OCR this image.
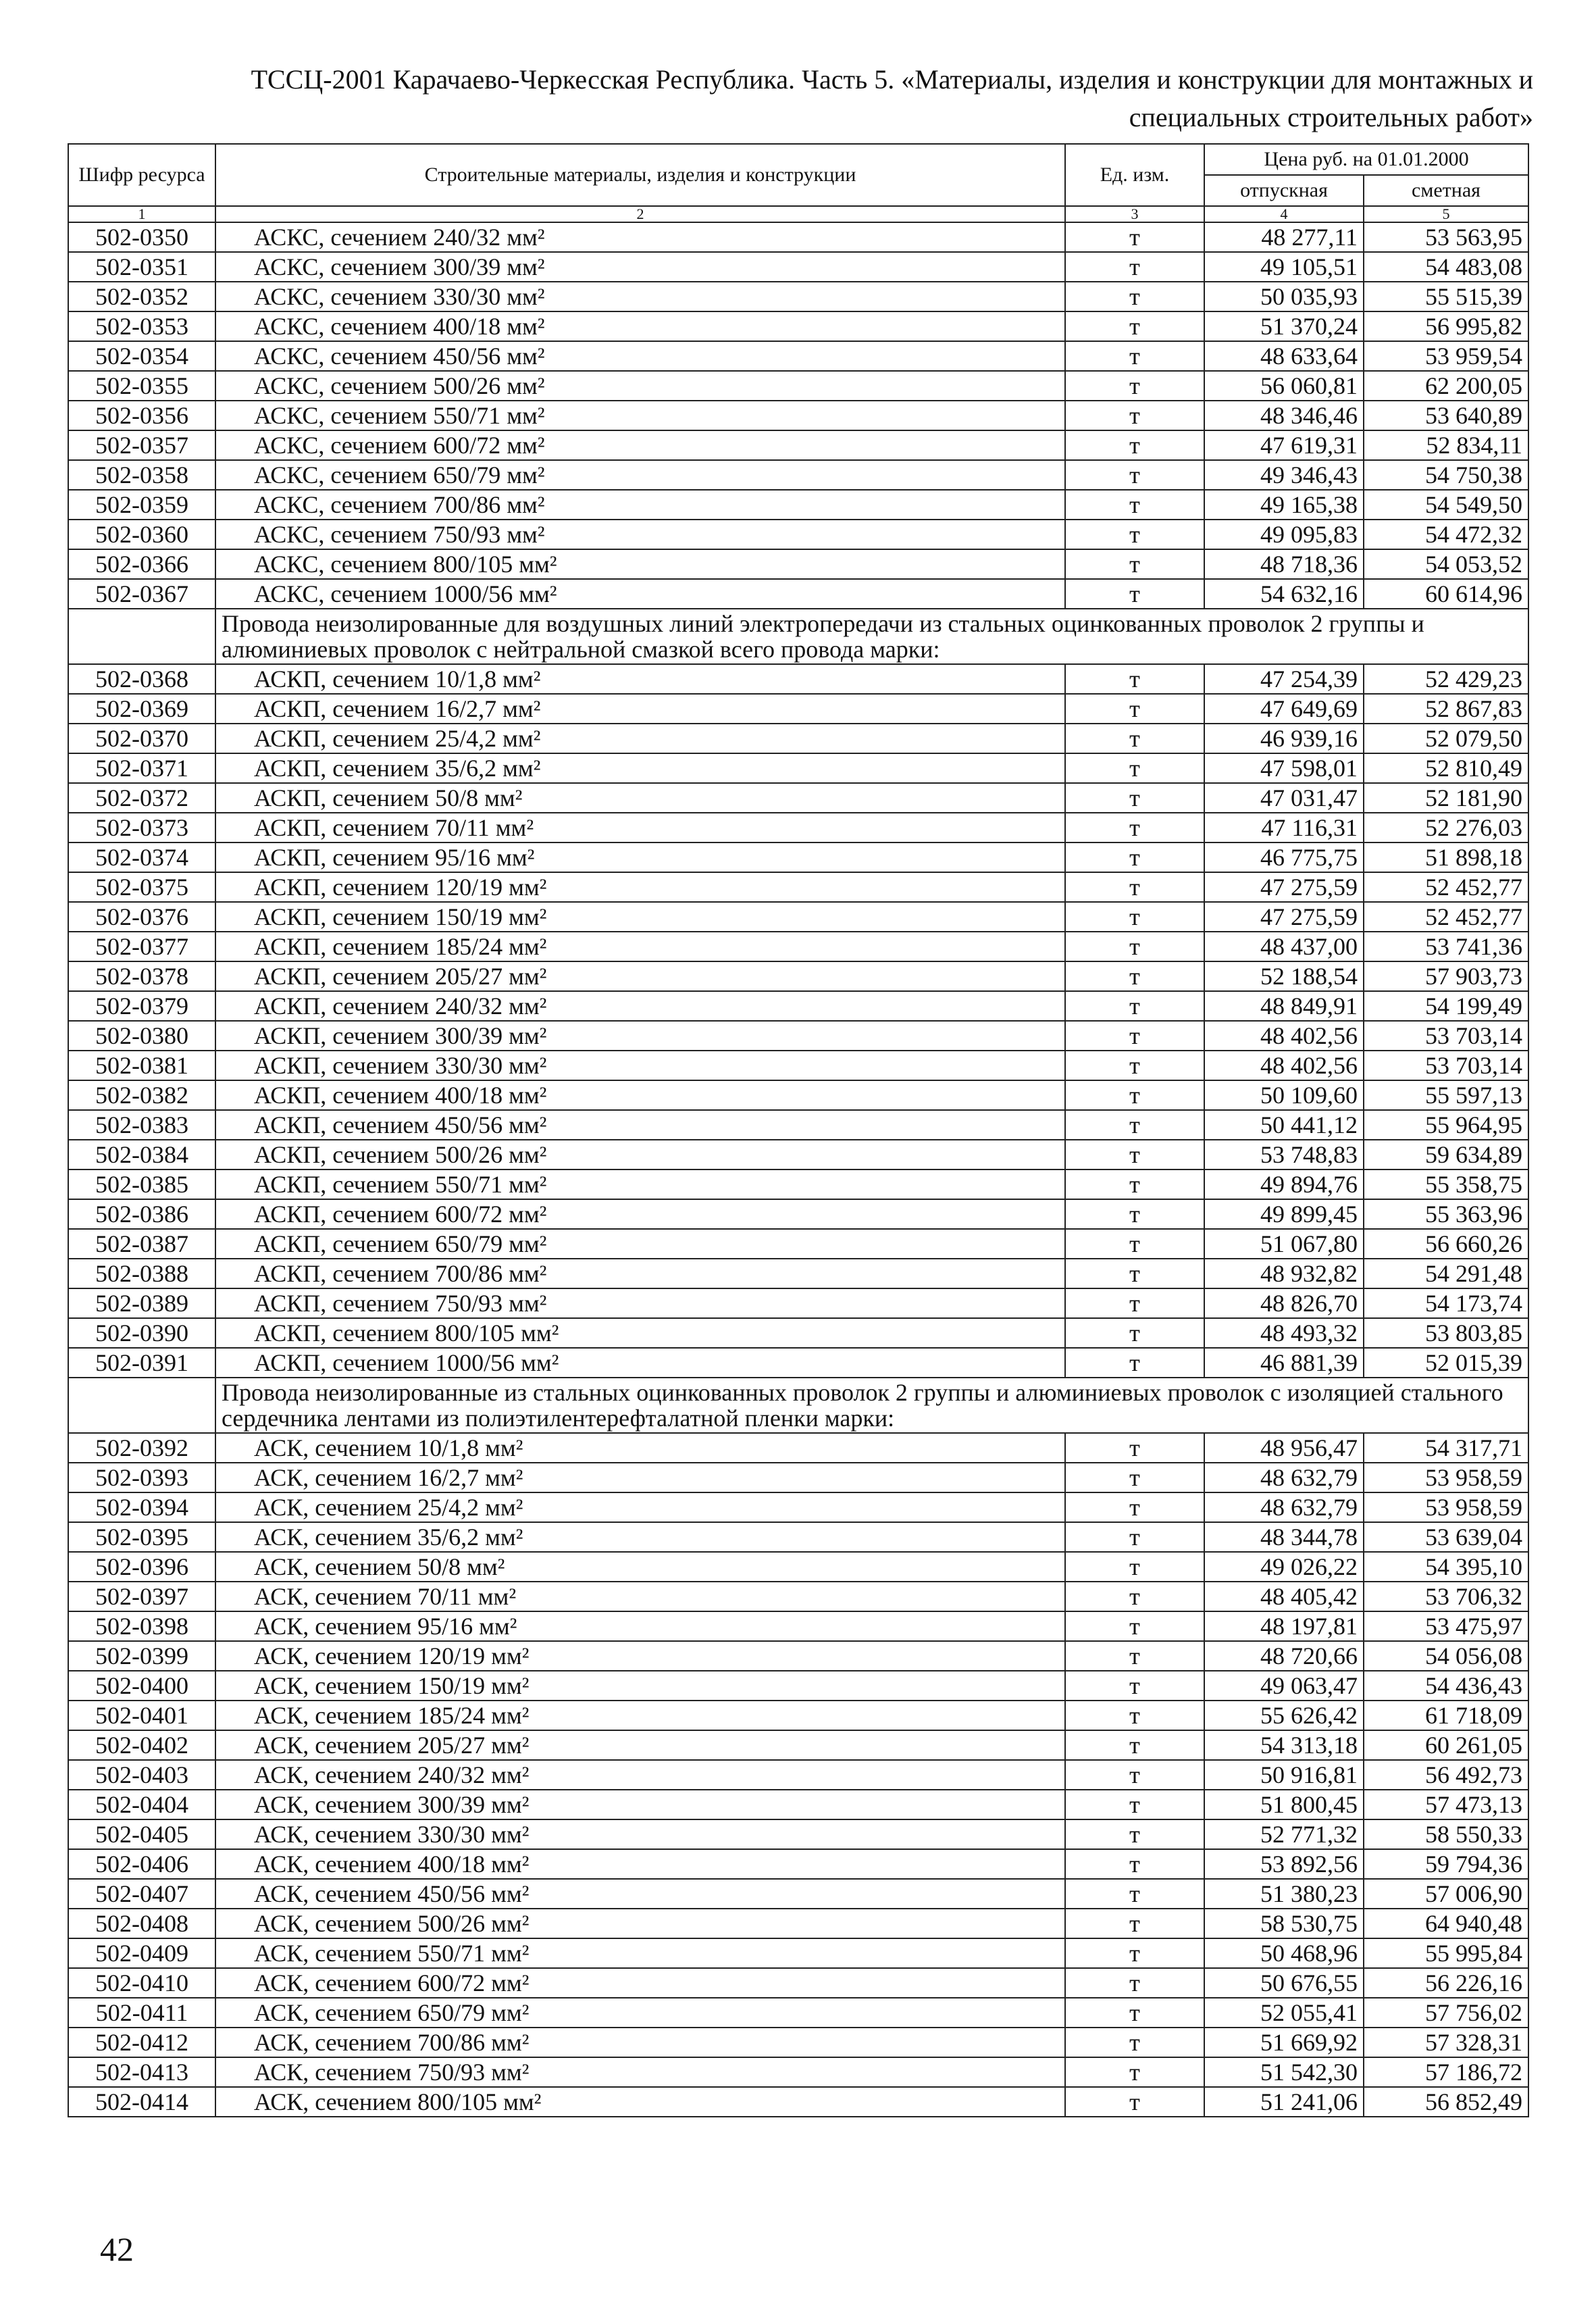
ТССЦ-2001 Карачаево-Черкесская Республика. Часть 5. «Материалы, изделия и конструкции для монтажных и
специальных строительных работ»
Шифр ресурса	Строительные материалы, изделия и конструкции	Ед. изм.	Цена руб. на 01.01.2000	
			отпускная	сметная
1	2	3	4	5
502-0350	АСКС, сечением 240/32 мм²	т	48 277,11	53 563,95
502-0351	АСКС, сечением 300/39 мм²	т	49 105,51	54 483,08
502-0352	АСКС, сечением 330/30 мм²	т	50 035,93	55 515,39
502-0353	АСКС, сечением 400/18 мм²	т	51 370,24	56 995,82
502-0354	АСКС, сечением 450/56 мм²	т	48 633,64	53 959,54
502-0355	АСКС, сечением 500/26 мм²	т	56 060,81	62 200,05
502-0356	АСКС, сечением 550/71 мм²	т	48 346,46	53 640,89
502-0357	АСКС, сечением 600/72 мм²	т	47 619,31	52 834,11
502-0358	АСКС, сечением 650/79 мм²	т	49 346,43	54 750,38
502-0359	АСКС, сечением 700/86 мм²	т	49 165,38	54 549,50
502-0360	АСКС, сечением 750/93 мм²	т	49 095,83	54 472,32
502-0366	АСКС, сечением 800/105 мм²	т	48 718,36	54 053,52
502-0367	АСКС, сечением 1000/56 мм²	т	54 632,16	60 614,96
	Провода неизолированные для воздушных линий электропередачи из стальных оцинкованных проволок 2 группы и алюминиевых проволок с нейтральной смазкой всего провода марки:			
502-0368	АСКП, сечением 10/1,8 мм²	т	47 254,39	52 429,23
502-0369	АСКП, сечением 16/2,7 мм²	т	47 649,69	52 867,83
502-0370	АСКП, сечением 25/4,2 мм²	т	46 939,16	52 079,50
502-0371	АСКП, сечением 35/6,2 мм²	т	47 598,01	52 810,49
502-0372	АСКП, сечением 50/8 мм²	т	47 031,47	52 181,90
502-0373	АСКП, сечением 70/11 мм²	т	47 116,31	52 276,03
502-0374	АСКП, сечением 95/16 мм²	т	46 775,75	51 898,18
502-0375	АСКП, сечением 120/19 мм²	т	47 275,59	52 452,77
502-0376	АСКП, сечением 150/19 мм²	т	47 275,59	52 452,77
502-0377	АСКП, сечением 185/24 мм²	т	48 437,00	53 741,36
502-0378	АСКП, сечением 205/27 мм²	т	52 188,54	57 903,73
502-0379	АСКП, сечением 240/32 мм²	т	48 849,91	54 199,49
502-0380	АСКП, сечением 300/39 мм²	т	48 402,56	53 703,14
502-0381	АСКП, сечением 330/30 мм²	т	48 402,56	53 703,14
502-0382	АСКП, сечением 400/18 мм²	т	50 109,60	55 597,13
502-0383	АСКП, сечением 450/56 мм²	т	50 441,12	55 964,95
502-0384	АСКП, сечением 500/26 мм²	т	53 748,83	59 634,89
502-0385	АСКП, сечением 550/71 мм²	т	49 894,76	55 358,75
502-0386	АСКП, сечением 600/72 мм²	т	49 899,45	55 363,96
502-0387	АСКП, сечением 650/79 мм²	т	51 067,80	56 660,26
502-0388	АСКП, сечением 700/86 мм²	т	48 932,82	54 291,48
502-0389	АСКП, сечением 750/93 мм²	т	48 826,70	54 173,74
502-0390	АСКП, сечением 800/105 мм²	т	48 493,32	53 803,85
502-0391	АСКП, сечением 1000/56 мм²	т	46 881,39	52 015,39
	Провода неизолированные из стальных оцинкованных проволок 2 группы и алюминиевых проволок с изоляцией стального сердечника лентами из полиэтилентерефталатной пленки марки:			
502-0392	АСК, сечением 10/1,8 мм²	т	48 956,47	54 317,71
502-0393	АСК, сечением 16/2,7 мм²	т	48 632,79	53 958,59
502-0394	АСК, сечением 25/4,2 мм²	т	48 632,79	53 958,59
502-0395	АСК, сечением 35/6,2 мм²	т	48 344,78	53 639,04
502-0396	АСК, сечением 50/8 мм²	т	49 026,22	54 395,10
502-0397	АСК, сечением 70/11 мм²	т	48 405,42	53 706,32
502-0398	АСК, сечением 95/16 мм²	т	48 197,81	53 475,97
502-0399	АСК, сечением 120/19 мм²	т	48 720,66	54 056,08
502-0400	АСК, сечением 150/19 мм²	т	49 063,47	54 436,43
502-0401	АСК, сечением 185/24 мм²	т	55 626,42	61 718,09
502-0402	АСК, сечением 205/27 мм²	т	54 313,18	60 261,05
502-0403	АСК, сечением 240/32 мм²	т	50 916,81	56 492,73
502-0404	АСК, сечением 300/39 мм²	т	51 800,45	57 473,13
502-0405	АСК, сечением 330/30 мм²	т	52 771,32	58 550,33
502-0406	АСК, сечением 400/18 мм²	т	53 892,56	59 794,36
502-0407	АСК, сечением 450/56 мм²	т	51 380,23	57 006,90
502-0408	АСК, сечением 500/26 мм²	т	58 530,75	64 940,48
502-0409	АСК, сечением 550/71 мм²	т	50 468,96	55 995,84
502-0410	АСК, сечением 600/72 мм²	т	50 676,55	56 226,16
502-0411	АСК, сечением 650/79 мм²	т	52 055,41	57 756,02
502-0412	АСК, сечением 700/86 мм²	т	51 669,92	57 328,31
502-0413	АСК, сечением 750/93 мм²	т	51 542,30	57 186,72
502-0414	АСК, сечением 800/105 мм²	т	51 241,06	56 852,49
42
